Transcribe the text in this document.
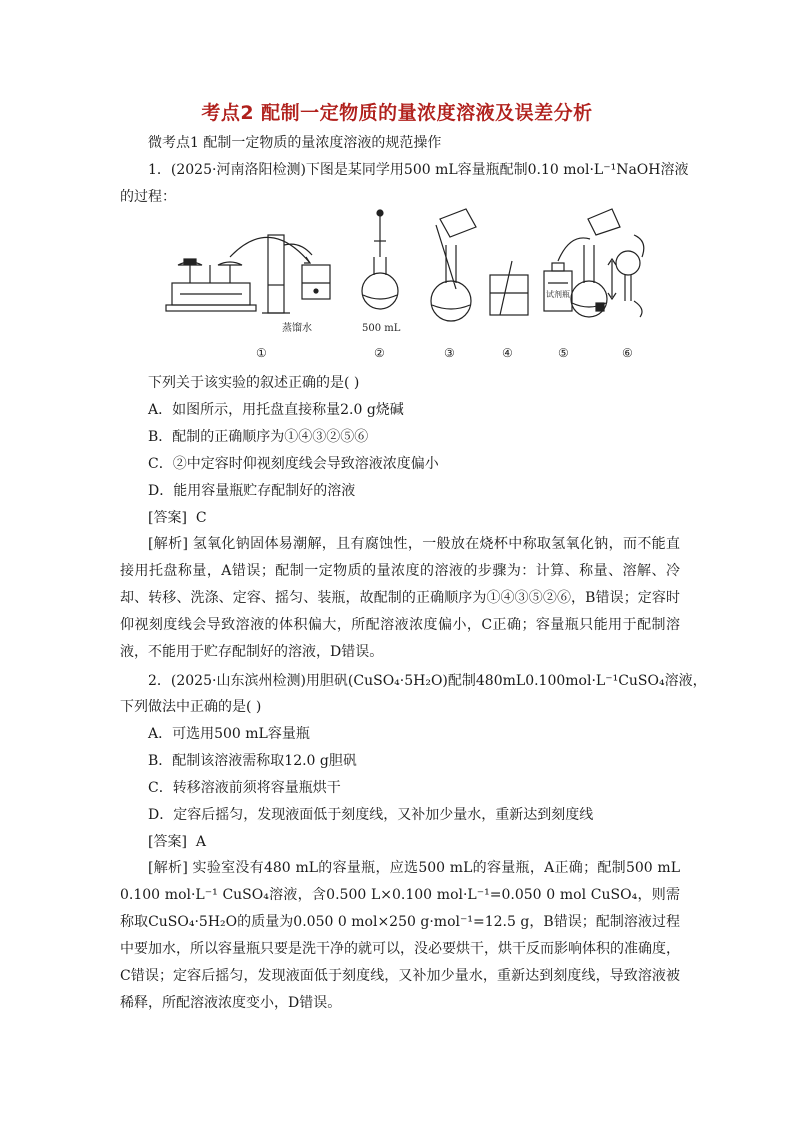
考点2 配制一定物质的量浓度溶液及误差分析
微考点1 配制一定物质的量浓度溶液的规范操作
1．(2025·河南洛阳检测)下图是某同学用500 mL容量瓶配制0.10 mol·L⁻¹NaOH溶液
的过程：
蒸馏水	500 mL
试剂瓶
①	②	③	④	⑤	⑥
下列关于该实验的叙述正确的是( )
A．如图所示，用托盘直接称量2.0 g烧碱
B．配制的正确顺序为①④③②⑤⑥
C．②中定容时仰视刻度线会导致溶液浓度偏小
D．能用容量瓶贮存配制好的溶液
[答案] C
[解析] 氢氧化钠固体易潮解，且有腐蚀性，一般放在烧杯中称取氢氧化钠，而不能直接用托盘称量，A错误；配制一定物质的量浓度的溶液的步骤为：计算、称量、溶解、冷却、转移、洗涤、定容、摇匀、装瓶，故配制的正确顺序为①④③⑤②⑥，B错误；定容时仰视刻度线会导致溶液的体积偏大，所配溶液浓度偏小，C正确；容量瓶只能用于配制溶液，不能用于贮存配制好的溶液，D错误。
2．(2025·山东滨州检测)用胆矾(CuSO₄·5H₂O)配制480mL0.100mol·L⁻¹CuSO₄溶液，
下列做法中正确的是( )
A．可选用500 mL容量瓶
B．配制该溶液需称取12.0 g胆矾
C．转移溶液前须将容量瓶烘干
D．定容后摇匀，发现液面低于刻度线，又补加少量水，重新达到刻度线
[答案] A
[解析] 实验室没有480 mL的容量瓶，应选500 mL的容量瓶，A正确；配制500 mL 0.100 mol·L⁻¹ CuSO₄溶液，含0.500 L×0.100 mol·L⁻¹=0.050 0 mol CuSO₄，则需称取CuSO₄·5H₂O的质量为0.050 0 mol×250 g·mol⁻¹=12.5 g，B错误；配制溶液过程中要加水，所以容量瓶只要是洗干净的就可以，没必要烘干，烘干反而影响体积的准确度，C错误；定容后摇匀，发现液面低于刻度线，又补加少量水，重新达到刻度线，导致溶液被稀释，所配溶液浓度变小，D错误。
